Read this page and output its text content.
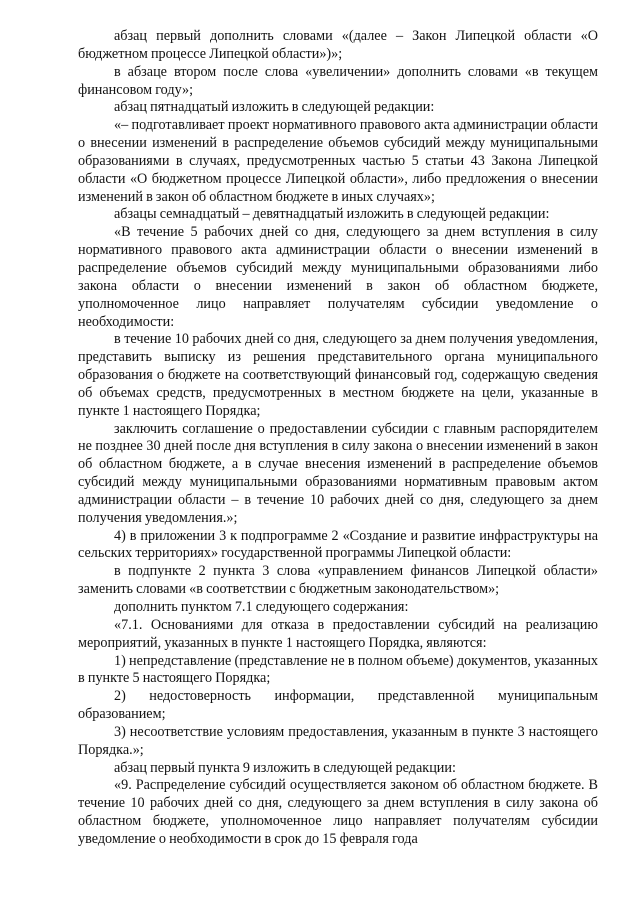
абзац первый дополнить словами «(далее – Закон Липецкой области «О бюджетном процессе Липецкой области»)»;

в абзаце втором после слова «увеличении» дополнить словами «в текущем финансовом году»;

абзац пятнадцатый изложить в следующей редакции:

«– подготавливает проект нормативного правового акта администрации области о внесении изменений в распределение объемов субсидий между муниципальными образованиями в случаях, предусмотренных частью 5 статьи 43 Закона Липецкой области «О бюджетном процессе Липецкой области», либо предложения о внесении изменений в закон об областном бюджете в иных случаях»;

абзацы семнадцатый – девятнадцатый изложить в следующей редакции:

«В течение 5 рабочих дней со дня, следующего за днем вступления в силу нормативного правового акта администрации области о внесении изменений в распределение объемов субсидий между муниципальными образованиями либо закона области о внесении изменений в закон об областном бюджете, уполномоченное лицо направляет получателям субсидии уведомление о необходимости:

в течение 10 рабочих дней со дня, следующего за днем получения уведомления, представить выписку из решения представительного органа муниципального образования о бюджете на соответствующий финансовый год, содержащую сведения об объемах средств, предусмотренных в местном бюджете на цели, указанные в пункте 1 настоящего Порядка;

заключить соглашение о предоставлении субсидии с главным распорядителем не позднее 30 дней после дня вступления в силу закона о внесении изменений в закон об областном бюджете, а в случае внесения изменений в распределение объемов субсидий между муниципальными образованиями нормативным правовым актом администрации области – в течение 10 рабочих дней со дня, следующего за днем получения уведомления.»;

4) в приложении 3 к подпрограмме 2 «Создание и развитие инфраструктуры на сельских территориях» государственной программы Липецкой области:

в подпункте 2 пункта 3 слова «управлением финансов Липецкой области» заменить словами «в соответствии с бюджетным законодательством»;

дополнить пунктом 7.1 следующего содержания:

«7.1. Основаниями для отказа в предоставлении субсидий на реализацию мероприятий, указанных в пункте 1 настоящего Порядка, являются:

1) непредставление (представление не в полном объеме) документов, указанных в пункте 5 настоящего Порядка;

2) недостоверность информации, представленной муниципальным образованием;

3) несоответствие условиям предоставления, указанным в пункте 3 настоящего Порядка.»;

абзац первый пункта 9 изложить в следующей редакции:

«9. Распределение субсидий осуществляется законом об областном бюджете. В течение 10 рабочих дней со дня, следующего за днем вступления в силу закона об областном бюджете, уполномоченное лицо направляет получателям субсидии уведомление о необходимости в срок до 15 февраля года
